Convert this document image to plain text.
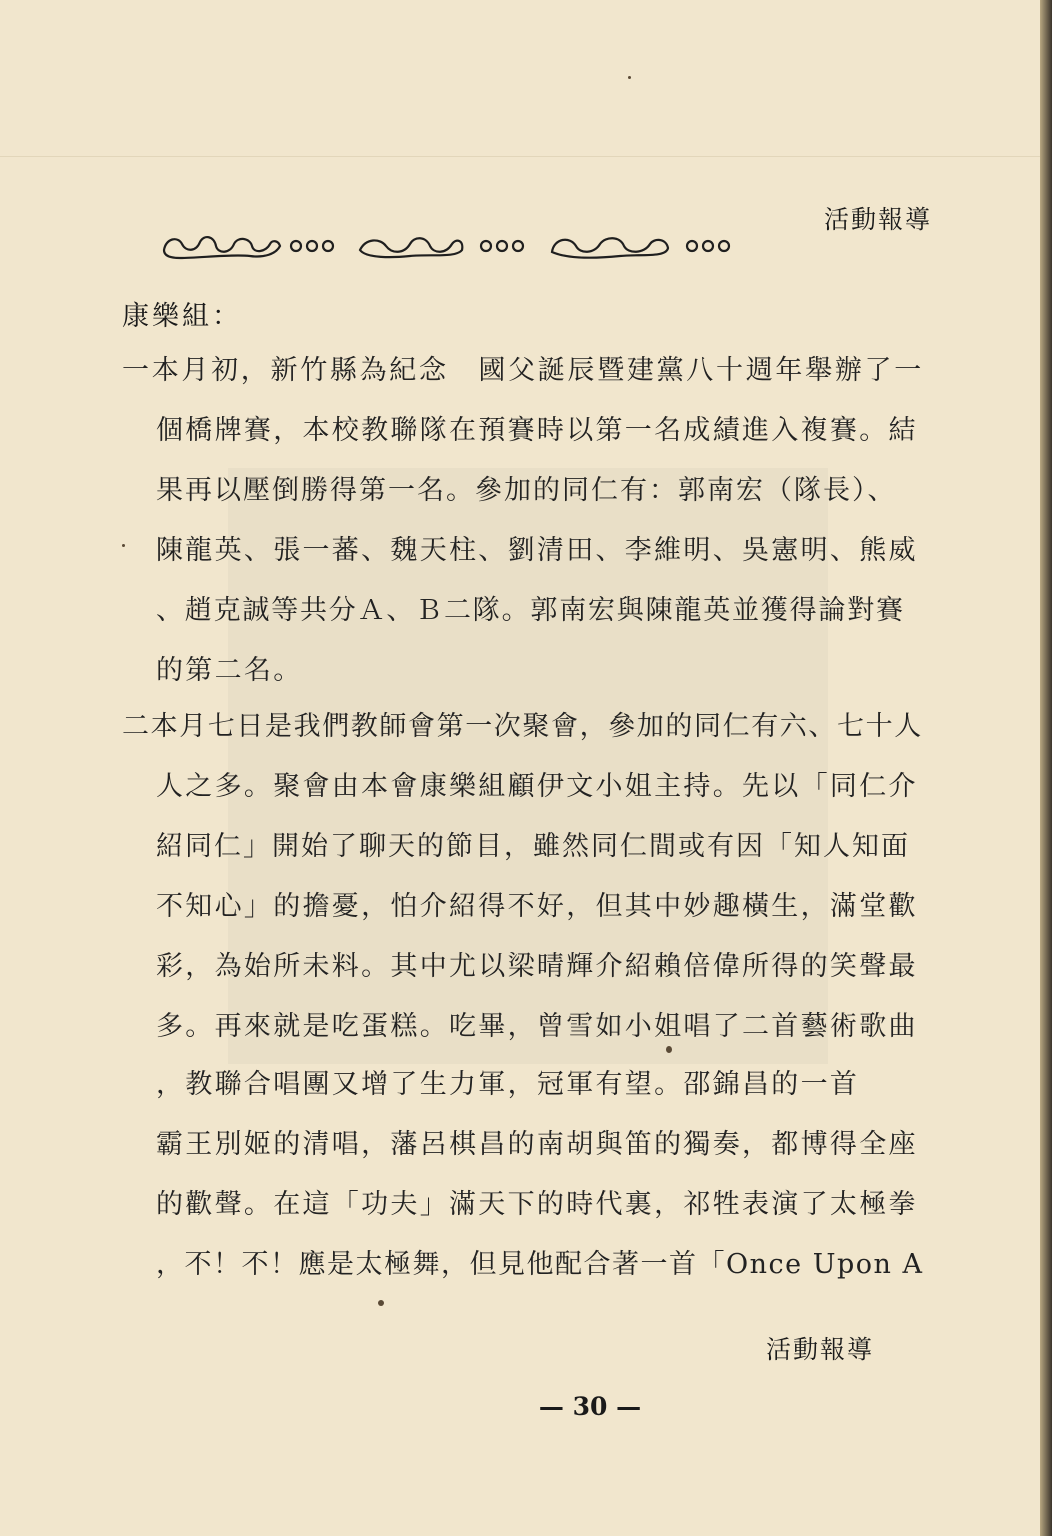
活動報導
康樂組：
一本月初，新竹縣為紀念　國父誕辰暨建黨八十週年舉辦了一
個橋牌賽，本校教聯隊在預賽時以第一名成績進入複賽。結
果再以壓倒勝得第一名。參加的同仁有：郭南宏（隊長）、
陳龍英、張一蕃、魏天柱、劉清田、李維明、吳憲明、熊威
、趙克誠等共分Ａ、Ｂ二隊。郭南宏與陳龍英並獲得論對賽
的第二名。
二本月七日是我們教師會第一次聚會，參加的同仁有六、七十人
人之多。聚會由本會康樂組顧伊文小姐主持。先以「同仁介
紹同仁」開始了聊天的節目，雖然同仁間或有因「知人知面
不知心」的擔憂，怕介紹得不好，但其中妙趣橫生，滿堂歡
彩，為始所未料。其中尤以梁晴輝介紹賴倍偉所得的笑聲最
多。再來就是吃蛋糕。吃畢，曾雪如小姐唱了二首藝術歌曲
，教聯合唱團又增了生力軍，冠軍有望。邵錦昌的一首
霸王別姬的清唱，藩呂棋昌的南胡與笛的獨奏，都博得全座
的歡聲。在這「功夫」滿天下的時代裏，祁牲表演了太極拳
，不！不！應是太極舞，但見他配合著一首「Once Upon A
活動報導
— 30 —
